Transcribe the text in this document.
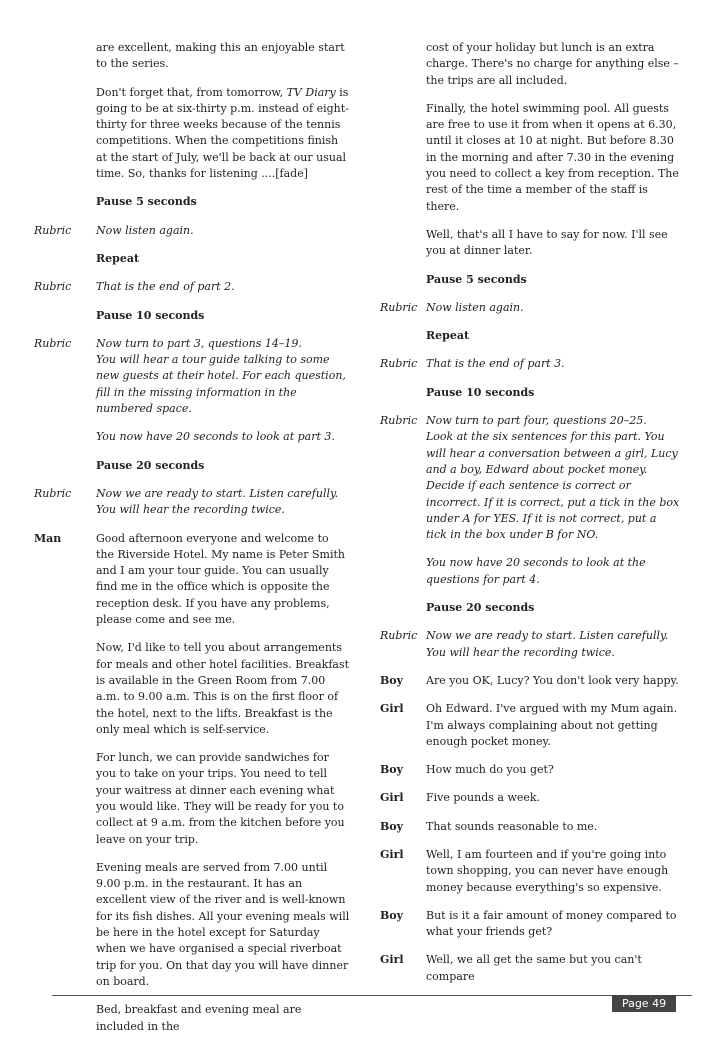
are excellent, making this an enjoyable start to the series.

Don't forget that, from tomorrow, TV Diary is going to be at six-thirty p.m. instead of eight-thirty for three weeks because of the tennis competitions. When the competitions finish at the start of July, we'll be back at our usual time. So, thanks for listening ....[fade]

Pause 5 seconds

Rubric	Now listen again.

Repeat

Rubric	That is the end of part 2.

Pause 10 seconds

Rubric	Now turn to part 3, questions 14–19.
You will hear a tour guide talking to some new guests at their hotel. For each question, fill in the missing information in the numbered space.

You now have 20 seconds to look at part 3.

Pause 20 seconds

Rubric	Now we are ready to start. Listen carefully. You will hear the recording twice.

Man	Good afternoon everyone and welcome to the Riverside Hotel. My name is Peter Smith and I am your tour guide. You can usually find me in the office which is opposite the reception desk. If you have any problems, please come and see me.

Now, I'd like to tell you about arrangements for meals and other hotel facilities. Breakfast is available in the Green Room from 7.00 a.m. to 9.00 a.m. This is on the first floor of the hotel, next to the lifts. Breakfast is the only meal which is self-service.

For lunch, we can provide sandwiches for you to take on your trips. You need to tell your waitress at dinner each evening what you would like. They will be ready for you to collect at 9 a.m. from the kitchen before you leave on your trip.

Evening meals are served from 7.00 until 9.00 p.m. in the restaurant. It has an excellent view of the river and is well-known for its fish dishes. All your evening meals will be here in the hotel except for Saturday when we have organised a special riverboat trip for you. On that day you will have dinner on board.

Bed, breakfast and evening meal are included in the

cost of your holiday but lunch is an extra charge. There's no charge for anything else – the trips are all included.

Finally, the hotel swimming pool. All guests are free to use it from when it opens at 6.30, until it closes at 10 at night. But before 8.30 in the morning and after 7.30 in the evening you need to collect a key from reception. The rest of the time a member of the staff is there.

Well, that's all I have to say for now. I'll see you at dinner later.

Pause 5 seconds

Rubric Now listen again.

Repeat

Rubric That is the end of part 3.

Pause 10 seconds

Rubric Now turn to part four, questions 20–25.
Look at the six sentences for this part. You will hear a conversation between a girl, Lucy and a boy, Edward about pocket money. Decide if each sentence is correct or incorrect. If it is correct, put a tick in the box under A for YES. If it is not correct, put a tick in the box under B for NO.

You now have 20 seconds to look at the questions for part 4.

Pause 20 seconds

Rubric Now we are ready to start. Listen carefully. You will hear the recording twice.

Boy	Are you OK, Lucy? You don't look very happy.

Girl	Oh Edward. I've argued with my Mum again. I'm always complaining about not getting enough pocket money.

Boy	How much do you get?

Girl	Five pounds a week.

Boy	That sounds reasonable to me.

Girl	Well, I am fourteen and if you're going into town shopping, you can never have enough money because everything's so expensive.

Boy	But is it a fair amount of money compared to what your friends get?

Girl	Well, we all get the same but you can't compare

Page 49
